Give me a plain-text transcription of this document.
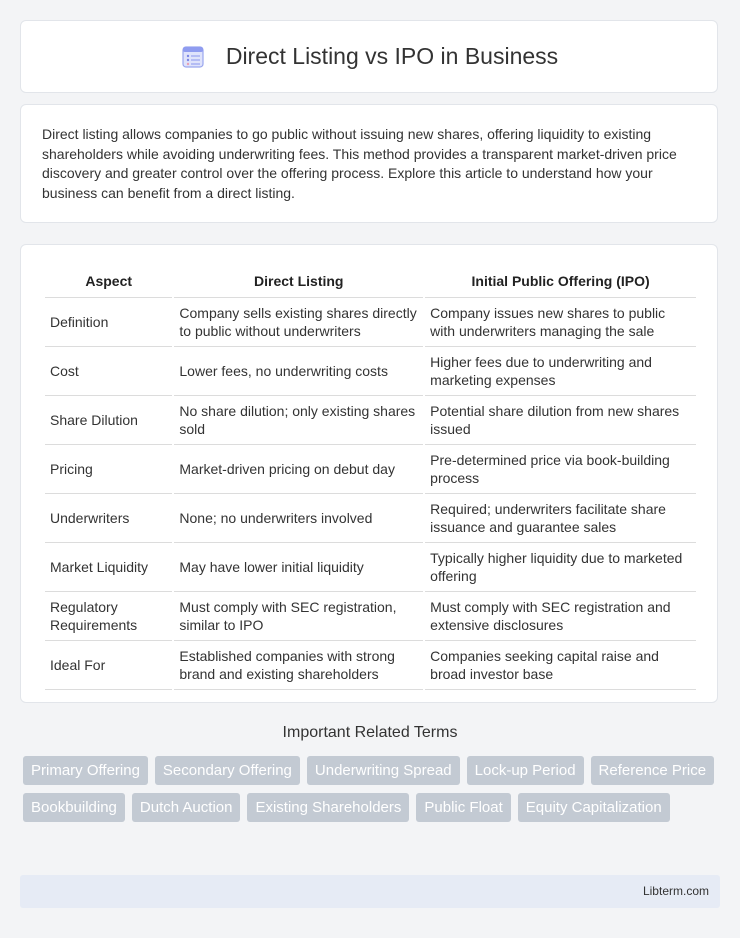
Direct Listing vs IPO in Business

Direct listing allows companies to go public without issuing new shares, offering liquidity to existing shareholders while avoiding underwriting fees. This method provides a transparent market-driven price discovery and greater control over the offering process. Explore this article to understand how your business can benefit from a direct listing.

Aspect	Direct Listing	Initial Public Offering (IPO)
Definition	Company sells existing shares directly to public without underwriters	Company issues new shares to public with underwriters managing the sale
Cost	Lower fees, no underwriting costs	Higher fees due to underwriting and marketing expenses
Share Dilution	No share dilution; only existing shares sold	Potential share dilution from new shares issued
Pricing	Market-driven pricing on debut day	Pre-determined price via book-building process
Underwriters	None; no underwriters involved	Required; underwriters facilitate share issuance and guarantee sales
Market Liquidity	May have lower initial liquidity	Typically higher liquidity due to marketed offering
Regulatory Requirements	Must comply with SEC registration, similar to IPO	Must comply with SEC registration and extensive disclosures
Ideal For	Established companies with strong brand and existing shareholders	Companies seeking capital raise and broad investor base
Important Related Terms
Primary Offering	Secondary Offering	Underwriting Spread	Lock-up Period	Reference Price
Bookbuilding	Dutch Auction	Existing Shareholders	Public Float	Equity Capitalization
Libterm.com
